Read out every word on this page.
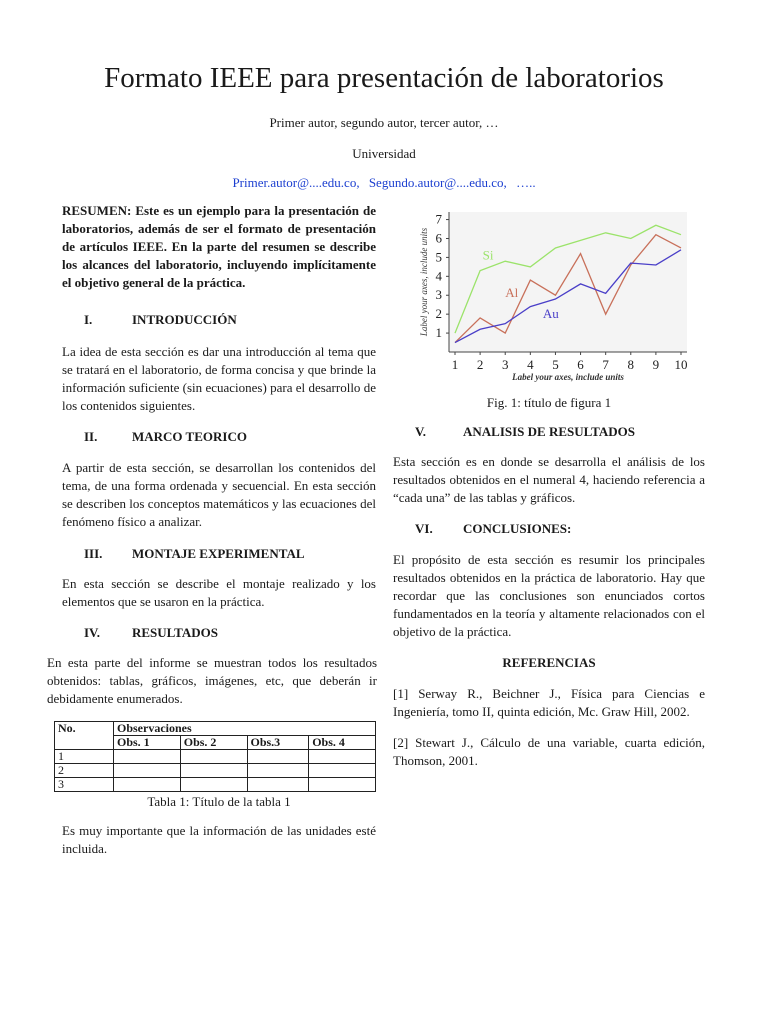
Formato IEEE para presentación de laboratorios
Primer autor, segundo autor, tercer autor, …
Universidad
Primer.autor@....edu.co, Segundo.autor@....edu.co, …..

RESUMEN: Este es un ejemplo para la presentación de laboratorios, además de ser el formato de presentación de artículos IEEE. En la parte del resumen se describe los alcances del laboratorio, incluyendo implícitamente el objetivo general de la práctica.

I.	INTRODUCCIÓN

La idea de esta sección es dar una introducción al tema que se tratará en el laboratorio, de forma concisa y que brinde la información suficiente (sin ecuaciones) para el desarrollo de los contenidos siguientes.

II.	MARCO TEORICO

A partir de esta sección, se desarrollan los contenidos del tema, de una forma ordenada y secuencial. En esta sección se describen los conceptos matemáticos y las ecuaciones del fenómeno físico a analizar.

III.	MONTAJE EXPERIMENTAL

En esta sección se describe el montaje realizado y los elementos que se usaron en la práctica.

IV.	RESULTADOS

En esta parte del informe se muestran todos los resultados obtenidos: tablas, gráficos, imágenes, etc, que deberán ir debidamente enumerados.

No.	Observaciones			
	Obs. 1	Obs. 2	Obs.3	Obs. 4
1				
2				
3				
Tabla 1: Título de la tabla 1

Es muy importante que la información de las unidades esté incluida.

1
2
3
4
5
6
7
1 2 3 4 5 6 7 8 9 10
Label your axes, include units
Label your axes, include units	Si
Al
Au
Fig. 1: título de figura 1
V.	ANALISIS DE RESULTADOS

Esta sección es en donde se desarrolla el análisis de los resultados obtenidos en el numeral 4, haciendo referencia a “cada una” de las tablas y gráficos.

VI.	CONCLUSIONES:

El propósito de esta sección es resumir los principales resultados obtenidos en la práctica de laboratorio. Hay que recordar que las conclusiones son enunciados cortos fundamentados en la teoría y altamente relacionados con el objetivo de la práctica.

REFERENCIAS

[1] Serway R., Beichner J., Física para Ciencias e Ingeniería, tomo II, quinta edición, Mc. Graw Hill, 2002.

[2] Stewart J., Cálculo de una variable, cuarta edición, Thomson, 2001.
